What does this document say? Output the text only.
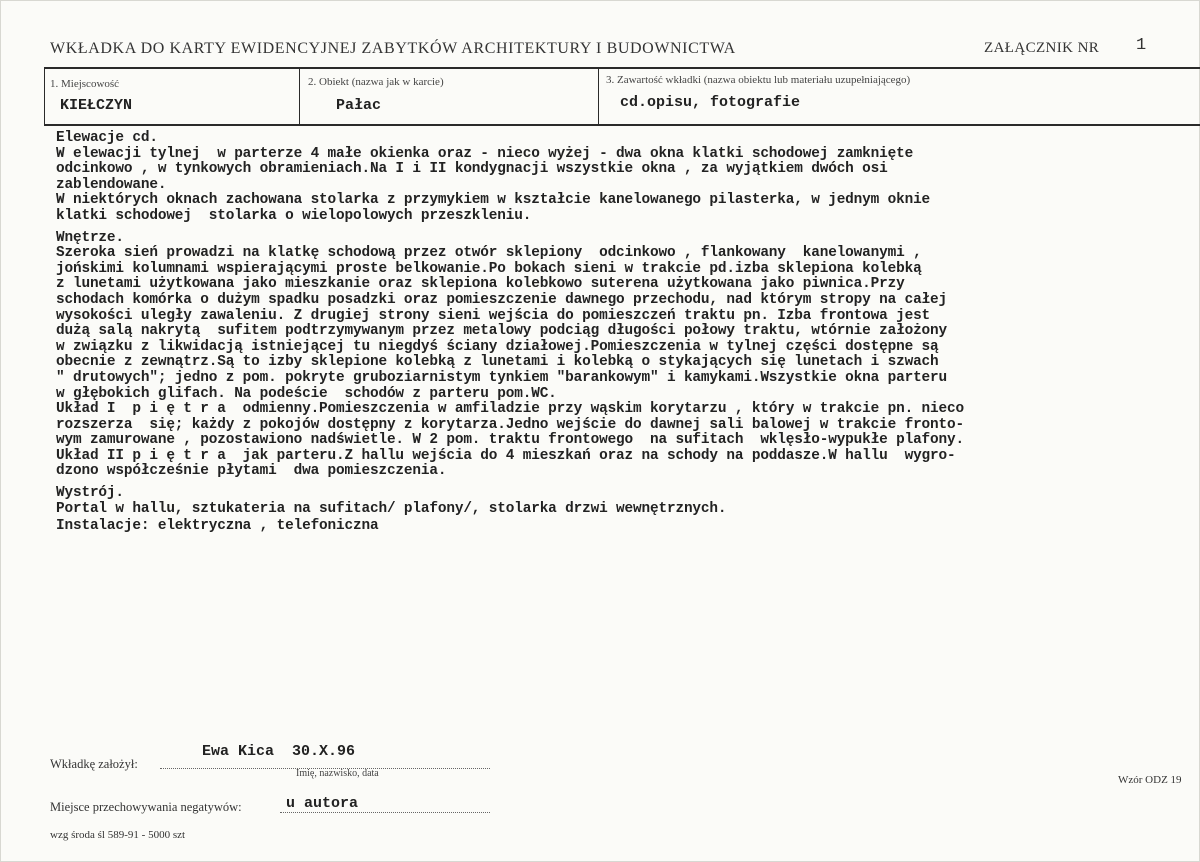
WKŁADKA DO KARTY EWIDENCYJNEJ ZABYTKÓW ARCHITEKTURY I BUDOWNICTWA	ZAŁĄCZNIK NR 1
1. Miejscowość
KIEŁCZYN
2. Obiekt (nazwa jak w karcie)
Pałac
3. Zawartość wkładki (nazwa obiektu lub materiału uzupełniającego)
cd.opisu, fotografie
Elewacje cd.
W elewacji tylnej  w parterze 4 małe okienka oraz - nieco wyżej - dwa okna klatki schodowej zamknięte
odcinkowo , w tynkowych obramieniach.Na I i II kondygnacji wszystkie okna , za wyjątkiem dwóch osi
zablendowane.
W niektórych oknach zachowana stolarka z przymykiem w kształcie kanelowanego pilasterka, w jednym oknie
klatki schodowej  stolarka o wielopolowych przeszkleniu.
Wnętrze.
Szeroka sień prowadzi na klatkę schodową przez otwór sklepiony  odcinkowo , flankowany  kanelowanymi ,
jońskimi kolumnami wspierającymi proste belkowanie.Po bokach sieni w trakcie pd.izba sklepiona kolebką
z lunetami użytkowana jako mieszkanie oraz sklepiona kolebkowo suterena użytkowana jako piwnica.Przy
schodach komórka o dużym spadku posadzki oraz pomieszczenie dawnego przechodu, nad którym stropy na całej
wysokości uległy zawaleniu. Z drugiej strony sieni wejścia do pomieszczeń traktu pn. Izba frontowa jest
dużą salą nakrytą  sufitem podtrzymywanym przez metalowy podciąg długości połowy traktu, wtórnie założony
w związku z likwidacją istniejącej tu niegdyś ściany działowej.Pomieszczenia w tylnej części dostępne są
obecnie z zewnątrz.Są to izby sklepione kolebką z lunetami i kolebką o stykających się lunetach i szwach
" drutowych"; jedno z pom. pokryte gruboziarnistym tynkiem "barankowym" i kamykami.Wszystkie okna parteru
w głębokich glifach. Na podeście  schodów z parteru pom.WC.
Układ I  p i ę t r a  odmienny.Pomieszczenia w amfiladzie przy wąskim korytarzu , który w trakcie pn. nieco
rozszerza  się; każdy z pokojów dostępny z korytarza.Jedno wejście do dawnej sali balowej w trakcie fronto-
wym zamurowane , pozostawiono nadświetle. W 2 pom. traktu frontowego  na sufitach  wklęsło-wypukłe plafony.
Układ II p i ę t r a  jak parteru.Z hallu wejścia do 4 mieszkań oraz na schody na poddasze.W hallu  wygro-
dzono współcześnie płytami  dwa pomieszczenia.
Wystrój.
Portal w hallu, sztukateria na sufitach/ plafony/, stolarka drzwi wewnętrznych.
Instalacje: elektryczna , telefoniczna
Ewa Kica  30.X.96
Wkładkę założył:
Imię, nazwisko, data
Wzór ODZ 19
Miejsce przechowywania negatywów:	u autora
wzg środa śl 589-91 - 5000 szt
